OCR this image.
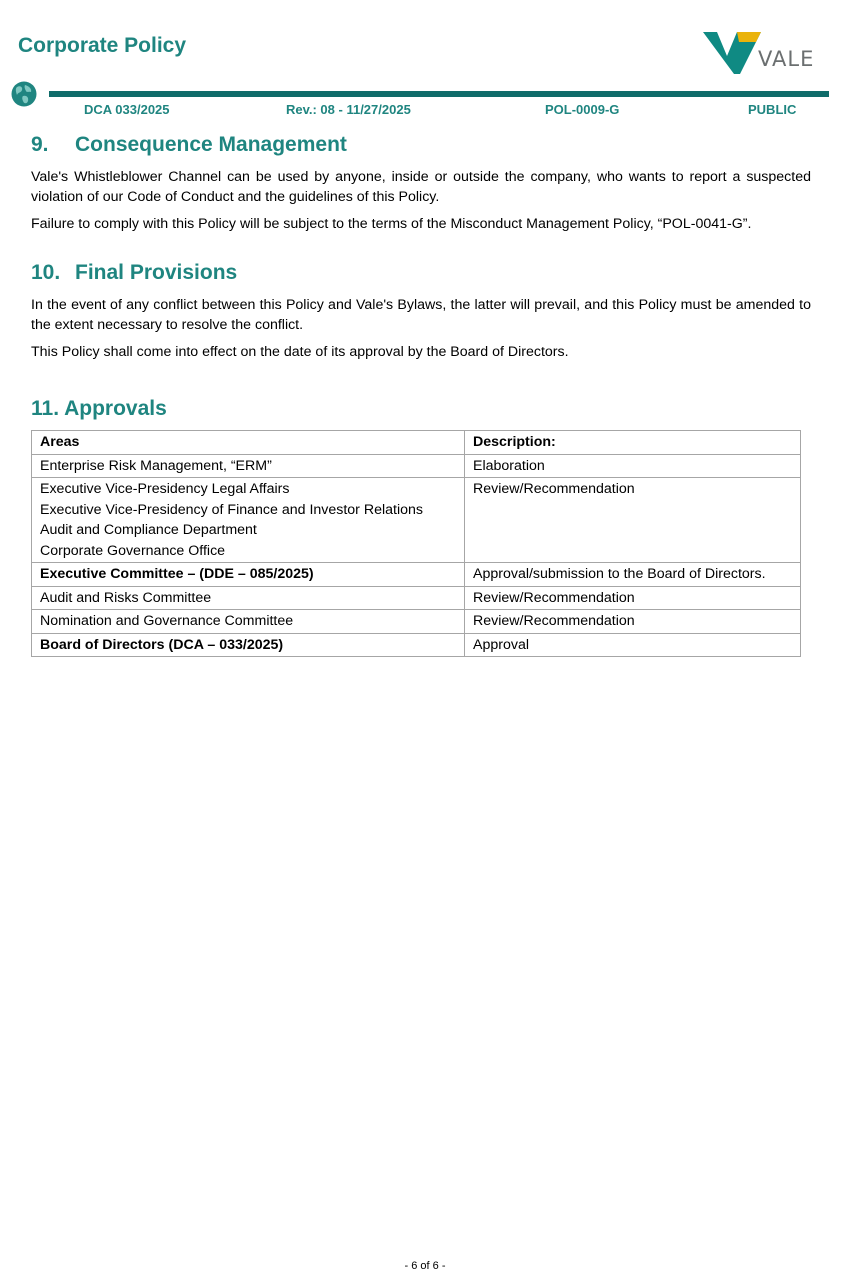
Corporate Policy
VALE
DCA 033/2025	Rev.: 08 - 11/27/2025	POL-0009-G	PUBLIC
9. Consequence Management
Vale's Whistleblower Channel can be used by anyone, inside or outside the company, who wants to report a suspected violation of our Code of Conduct and the guidelines of this Policy.
Failure to comply with this Policy will be subject to the terms of the Misconduct Management Policy, “POL-0041-G”.
10. Final Provisions
In the event of any conflict between this Policy and Vale's Bylaws, the latter will prevail, and this Policy must be amended to the extent necessary to resolve the conflict.
This Policy shall come into effect on the date of its approval by the Board of Directors.
11. Approvals
Areas	Description:
Enterprise Risk Management, “ERM”	Elaboration

Executive Vice-Presidency Legal Affairs
Executive Vice-Presidency of Finance and Investor Relations
Audit and Compliance Department
Corporate Governance Office	Review/Recommendation
Executive Committee – (DDE – 085/2025)	Approval/submission to the Board of Directors.
Audit and Risks Committee	Review/Recommendation
Nomination and Governance Committee	Review/Recommendation
Board of Directors (DCA – 033/2025)	Approval
- 6 of 6 -
